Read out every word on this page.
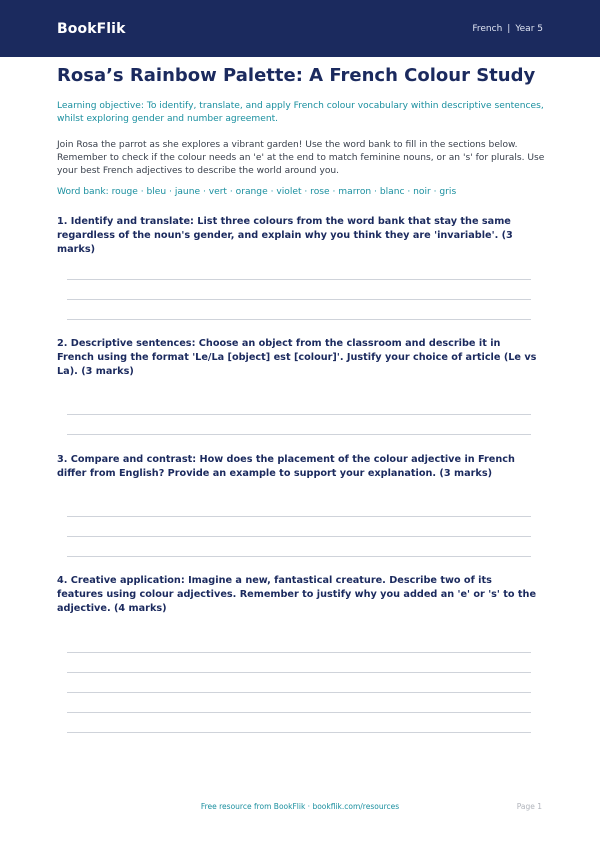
BookFlik	French | Year 5
Rosa’s Rainbow Palette: A French Colour Study
Learning objective: To identify, translate, and apply French colour vocabulary within descriptive sentences, whilst exploring gender and number agreement.
Join Rosa the parrot as she explores a vibrant garden! Use the word bank to fill in the sections below. Remember to check if the colour needs an 'e' at the end to match feminine nouns, or an 's' for plurals. Use your best French adjectives to describe the world around you.
Word bank: rouge · bleu · jaune · vert · orange · violet · rose · marron · blanc · noir · gris
1. Identify and translate: List three colours from the word bank that stay the same regardless of the noun's gender, and explain why you think they are 'invariable'. (3 marks)
2. Descriptive sentences: Choose an object from the classroom and describe it in French using the format 'Le/La [object] est [colour]'. Justify your choice of article (Le vs La). (3 marks)
3. Compare and contrast: How does the placement of the colour adjective in French differ from English? Provide an example to support your explanation. (3 marks)
4. Creative application: Imagine a new, fantastical creature. Describe two of its features using colour adjectives. Remember to justify why you added an 'e' or 's' to the adjective. (4 marks)
Free resource from BookFlik · bookflik.com/resources	Page 1
